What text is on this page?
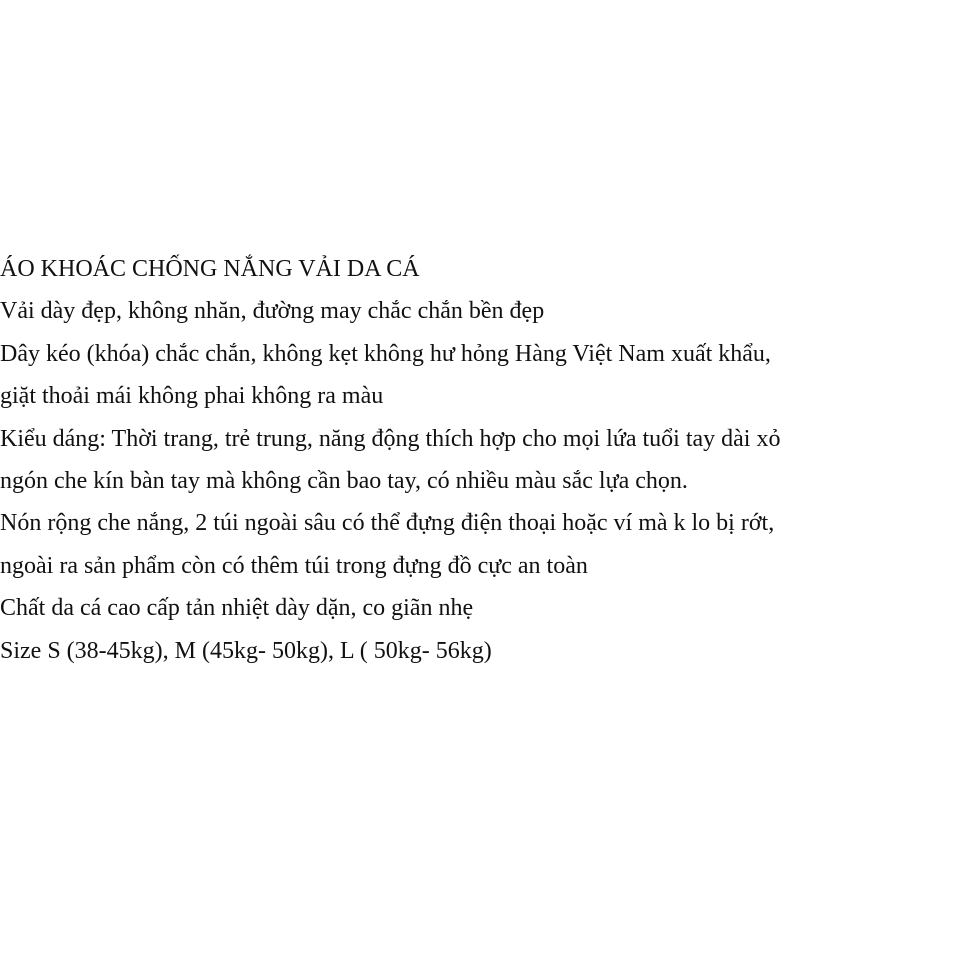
ÁO KHOÁC CHỐNG NẮNG VẢI DA CÁ
Vải dày đẹp, không nhăn, đường may chắc chắn bền đẹp
Dây kéo (khóa) chắc chắn, không kẹt không hư hỏng Hàng Việt Nam xuất khẩu,
giặt thoải mái không phai không ra màu
Kiểu dáng: Thời trang, trẻ trung, năng động thích hợp cho mọi lứa tuổi tay dài xỏ
ngón che kín bàn tay mà không cần bao tay, có nhiều màu sắc lựa chọn.
Nón rộng che nắng, 2 túi ngoài sâu có thể đựng điện thoại hoặc ví mà k lo bị rớt,
ngoài ra sản phẩm còn có thêm túi trong đựng đồ cực an toàn
Chất da cá cao cấp tản nhiệt dày dặn, co giãn nhẹ
Size S (38-45kg), M (45kg- 50kg), L ( 50kg- 56kg)
